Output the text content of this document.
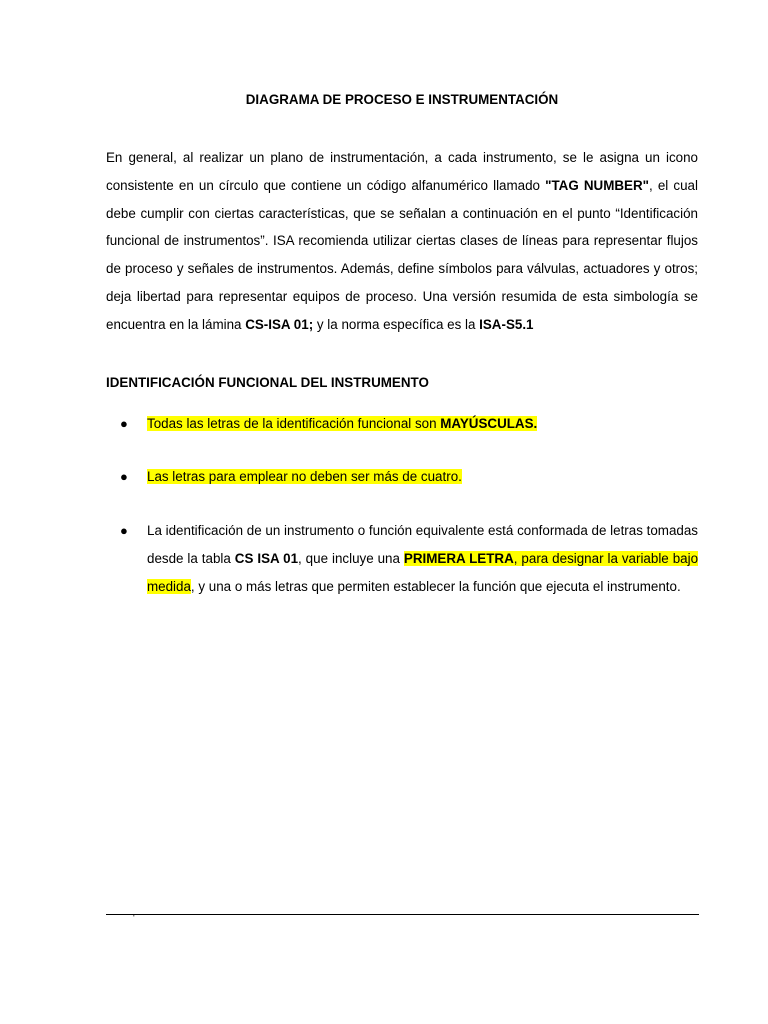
DIAGRAMA DE PROCESO E INSTRUMENTACIÓN

En general, al realizar un plano de instrumentación, a cada instrumento, se le asigna un icono consistente en un círculo que contiene un código alfanumérico llamado "TAG NUMBER", el cual debe cumplir con ciertas características, que se señalan a continuación en el punto “Identificación funcional de instrumentos”. ISA recomienda utilizar ciertas clases de líneas para representar flujos de proceso y señales de instrumentos. Además, define símbolos para válvulas, actuadores y otros; deja libertad para representar equipos de proceso. Una versión resumida de esta simbología se encuentra en la lámina CS-ISA 01; y la norma específica es la ISA-S5.1

IDENTIFICACIÓN FUNCIONAL DEL INSTRUMENTO
● Todas las letras de la identificación funcional son MAYÚSCULAS.
● Las letras para emplear no deben ser más de cuatro.
● La identificación de un instrumento o función equivalente está conformada de letras tomadas desde la tabla CS ISA 01, que incluye una PRIMERA LETRA, para designar la variable bajo medida, y una o más letras que permiten establecer la función que ejecuta el instrumento.
'
